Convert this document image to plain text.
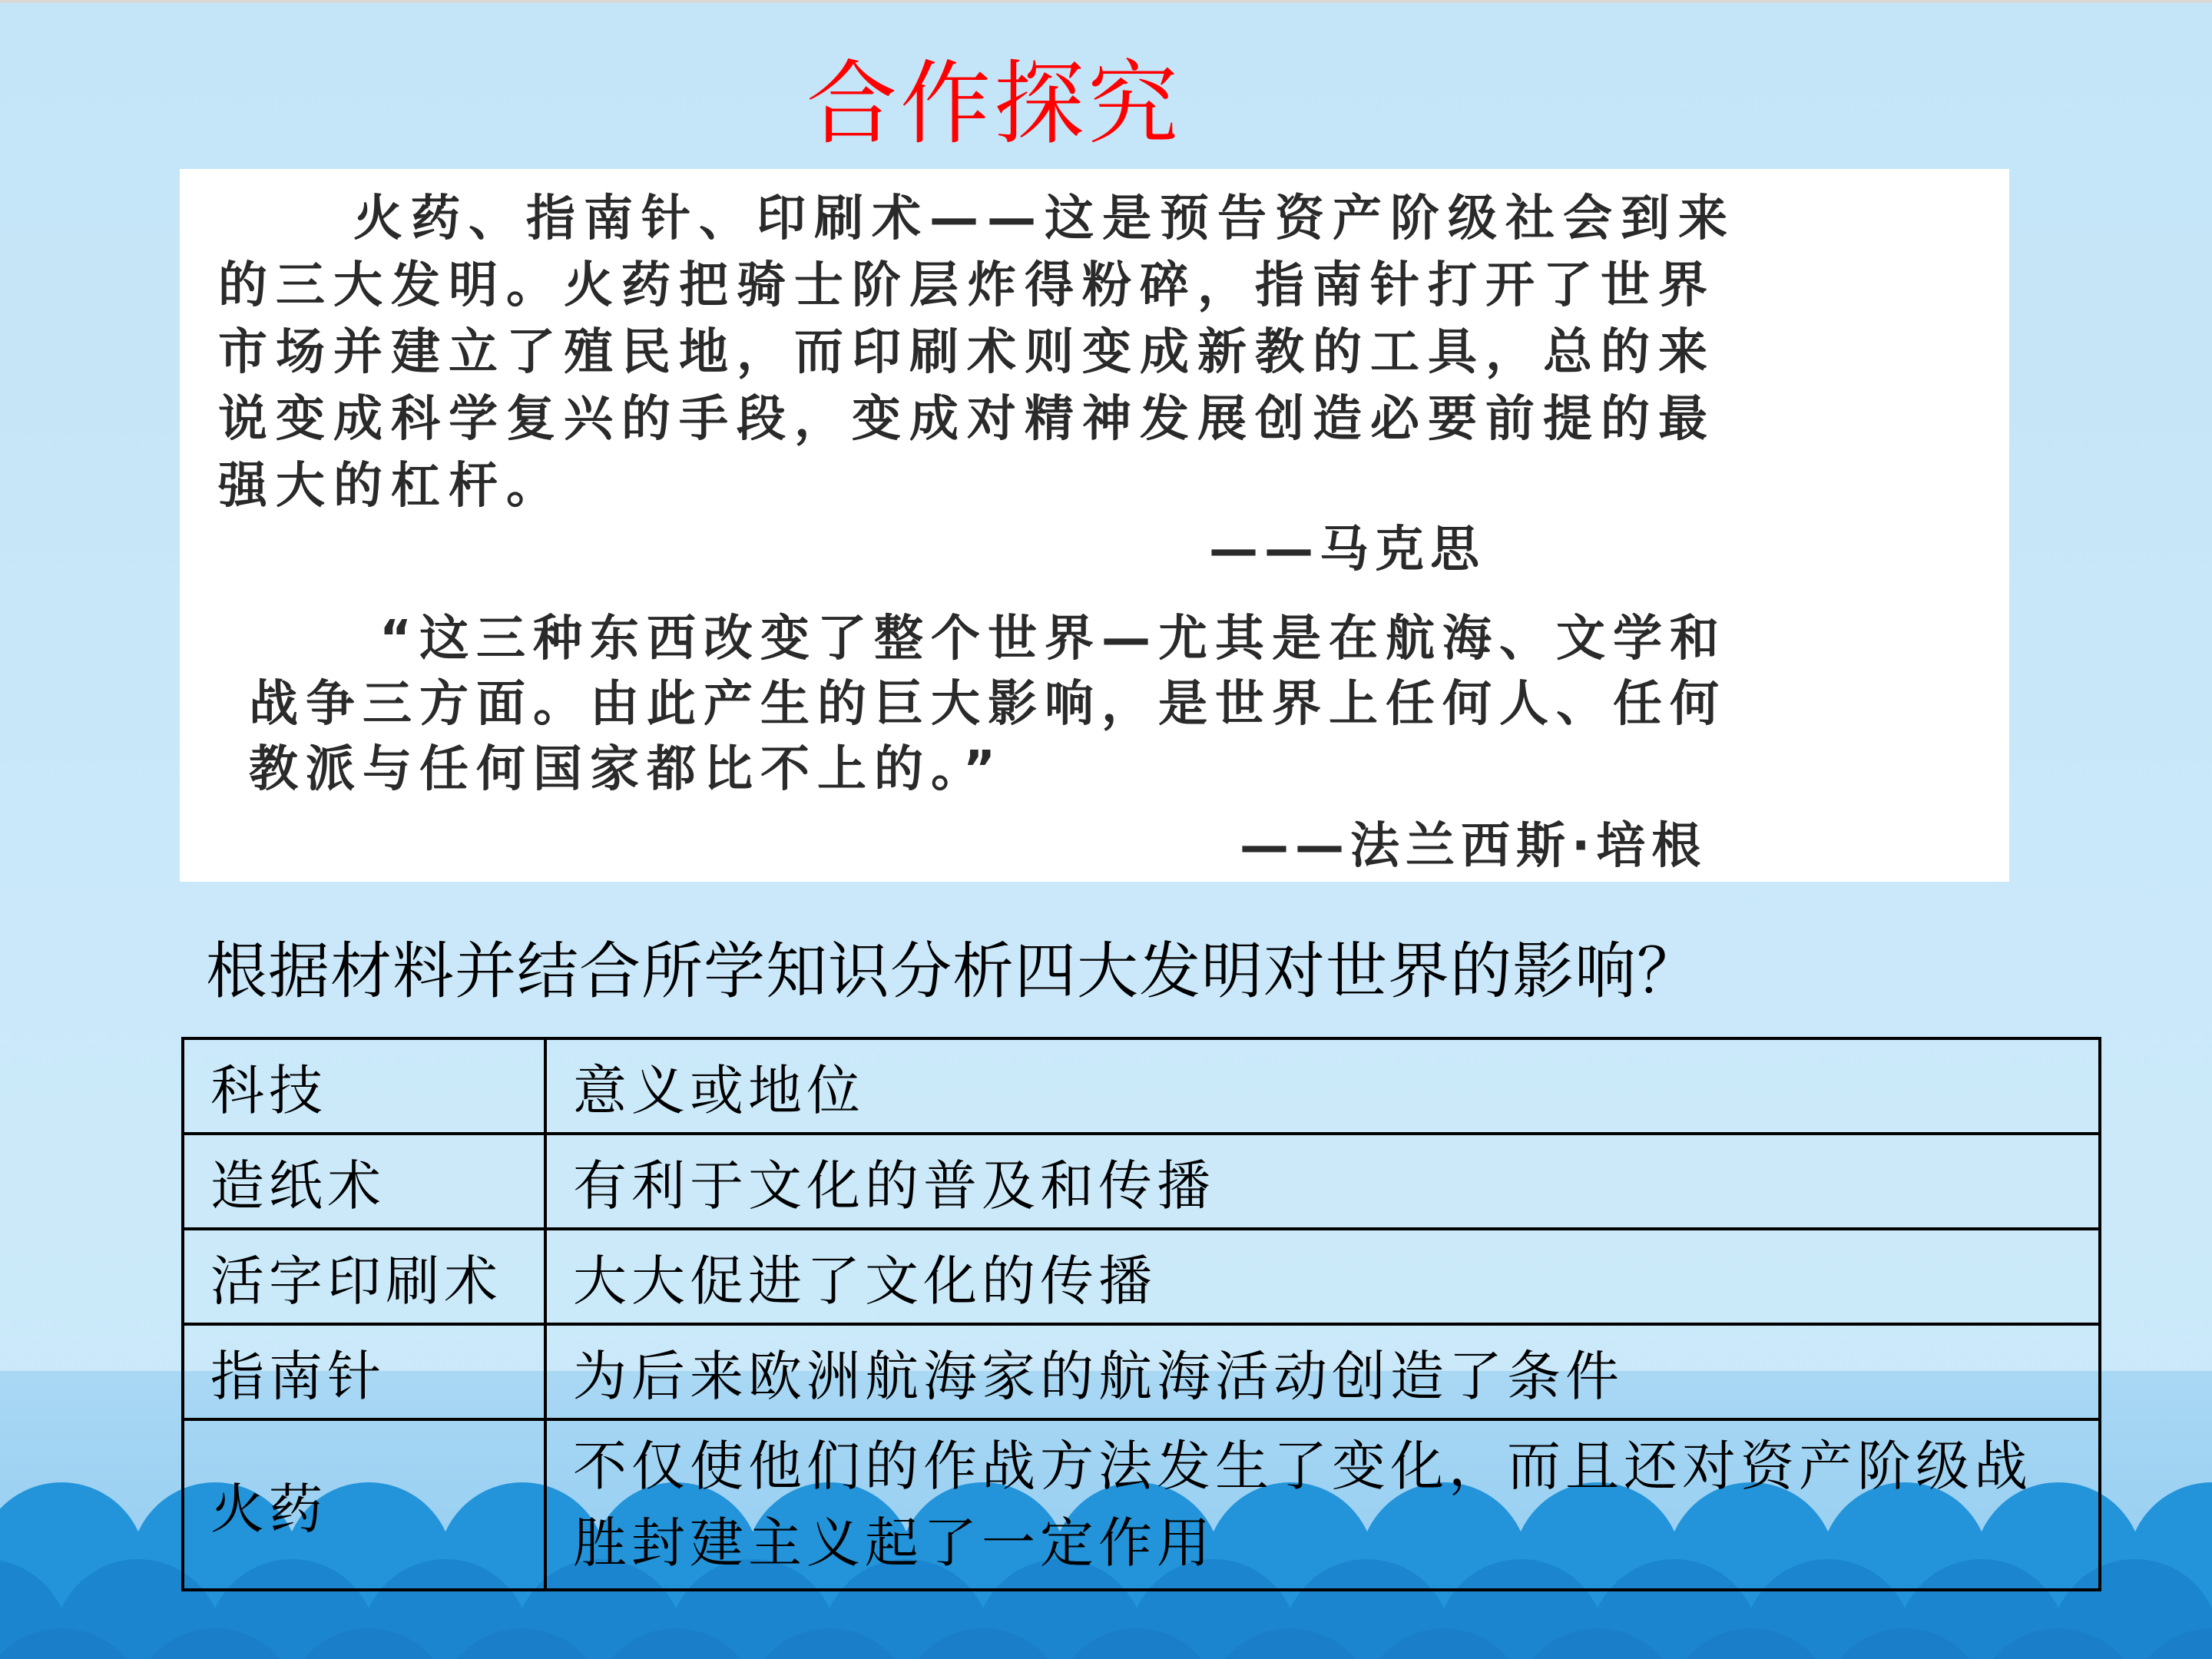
合作探究
火药、指南针、印刷术——这是预告资产阶级社会到来
的三大发明。火药把骑士阶层炸得粉碎，指南针打开了世界
市场并建立了殖民地，而印刷术则变成新教的工具，总的来
说变成科学复兴的手段，变成对精神发展创造必要前提的最
强大的杠杆。
——马克思
“这三种东西改变了整个世界—尤其是在航海、文学和
战争三方面。由此产生的巨大影响，是世界上任何人、任何
教派与任何国家都比不上的。”
——法兰西斯·培根
根据材料并结合所学知识分析四大发明对世界的影响？
科技	意义或地位
造纸术	有利于文化的普及和传播
活字印刷术	大大促进了文化的传播
指南针	为后来欧洲航海家的航海活动创造了条件
火药	不仅使他们的作战方法发生了变化，而且还对资产阶级战胜封建主义起了一定作用
